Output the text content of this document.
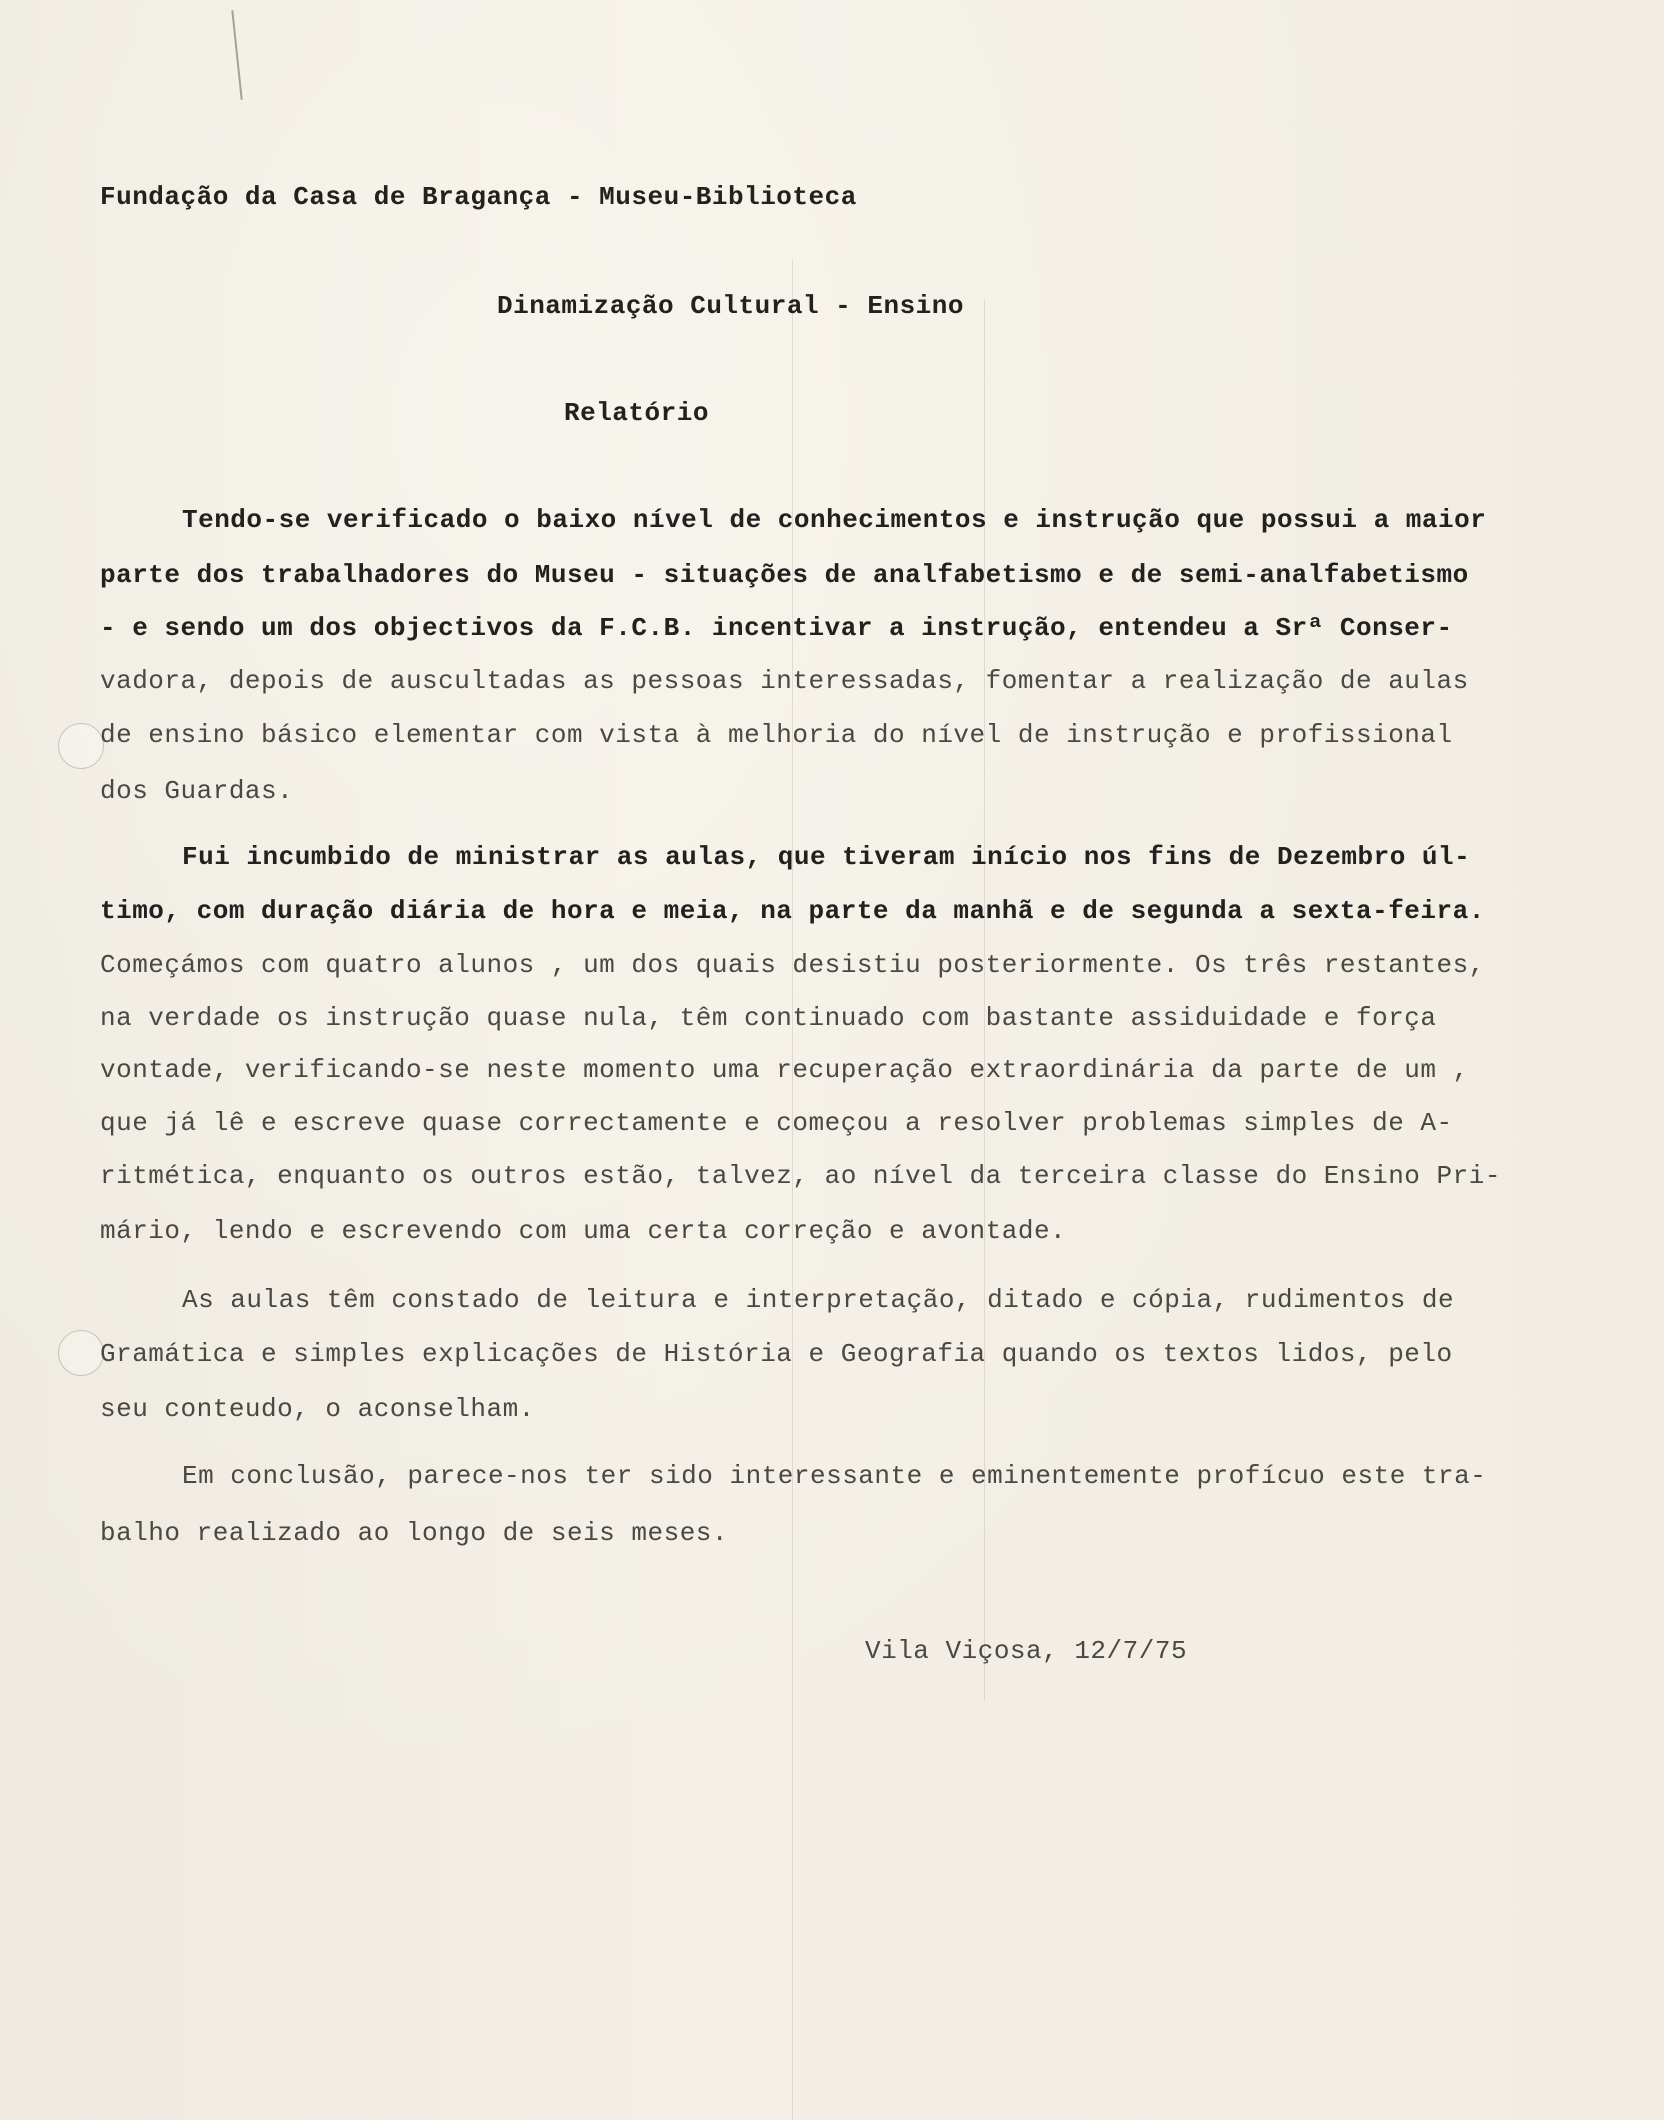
Fundação da Casa de Bragança - Museu-Biblioteca
Dinamização Cultural - Ensino
Relatório
Tendo-se verificado o baixo nível de conhecimentos e instrução que possui a maior
parte dos trabalhadores do Museu - situações de analfabetismo e de semi-analfabetismo
- e sendo um dos objectivos da F.C.B. incentivar a instrução, entendeu a Srª Conser-
vadora, depois de auscultadas as pessoas interessadas, fomentar a realização de aulas
de ensino básico elementar com vista à melhoria do nível de instrução e profissional
dos Guardas.
Fui incumbido de ministrar as aulas, que tiveram início nos fins de Dezembro úl-
timo, com duração diária de hora e meia, na parte da manhã e de segunda a sexta-feira.
Começámos com quatro alunos , um dos quais desistiu posteriormente. Os três restantes,
na verdade os instrução quase nula, têm continuado com bastante assiduidade e força
vontade, verificando-se neste momento uma recuperação extraordinária da parte de um ,
que já lê e escreve quase correctamente e começou a resolver problemas simples de A-
ritmética, enquanto os outros estão, talvez, ao nível da terceira classe do Ensino Pri-
mário, lendo e escrevendo com uma certa correção e avontade.
As aulas têm constado de leitura e interpretação, ditado e cópia, rudimentos de
Gramática e simples explicações de História e Geografia quando os textos lidos, pelo
seu conteudo, o aconselham.
Em conclusão, parece-nos ter sido interessante e eminentemente profícuo este tra-
balho realizado ao longo de seis meses.
Vila Viçosa, 12/7/75
